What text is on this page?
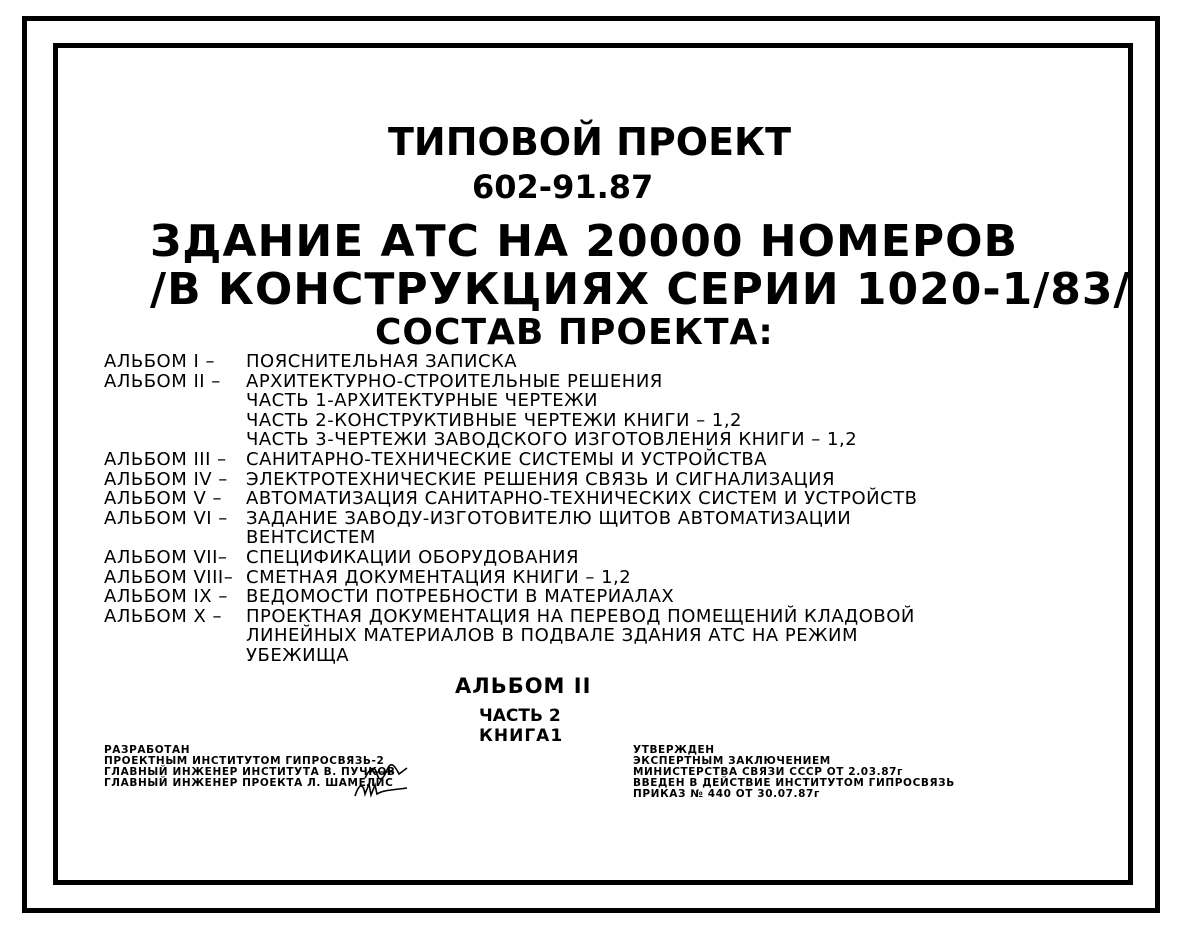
ТИПОВОЙ ПРОЕКТ
602-91.87
ЗДАНИЕ АТС НА 20000 НОМЕРОВ
/В КОНСТРУКЦИЯХ СЕРИИ 1020-1/83/
СОСТАВ ПРОЕКТА:
АЛЬБОМ I –	ПОЯСНИТЕЛЬНАЯ ЗАПИСКА
АЛЬБОМ II –	АРХИТЕКТУРНО-СТРОИТЕЛЬНЫЕ РЕШЕНИЯ
ЧАСТЬ 1-АРХИТЕКТУРНЫЕ ЧЕРТЕЖИ
ЧАСТЬ 2-КОНСТРУКТИВНЫЕ ЧЕРТЕЖИ КНИГИ – 1,2
ЧАСТЬ 3-ЧЕРТЕЖИ ЗАВОДСКОГО ИЗГОТОВЛЕНИЯ КНИГИ – 1,2
АЛЬБОМ III –	САНИТАРНО-ТЕХНИЧЕСКИЕ СИСТЕМЫ И УСТРОЙСТВА
АЛЬБОМ IV –	ЭЛЕКТРОТЕХНИЧЕСКИЕ РЕШЕНИЯ СВЯЗЬ И СИГНАЛИЗАЦИЯ
АЛЬБОМ V –	АВТОМАТИЗАЦИЯ САНИТАРНО-ТЕХНИЧЕСКИХ СИСТЕМ И УСТРОЙСТВ
АЛЬБОМ VI –	ЗАДАНИЕ ЗАВОДУ-ИЗГОТОВИТЕЛЮ ЩИТОВ АВТОМАТИЗАЦИИ
ВЕНТСИСТЕМ
АЛЬБОМ VII–	СПЕЦИФИКАЦИИ ОБОРУДОВАНИЯ
АЛЬБОМ VIII– СМЕТНАЯ ДОКУМЕНТАЦИЯ КНИГИ – 1,2
АЛЬБОМ IX –	ВЕДОМОСТИ ПОТРЕБНОСТИ В МАТЕРИАЛАХ
АЛЬБОМ X –	ПРОЕКТНАЯ ДОКУМЕНТАЦИЯ НА ПЕРЕВОД ПОМЕЩЕНИЙ КЛАДОВОЙ
ЛИНЕЙНЫХ МАТЕРИАЛОВ В ПОДВАЛЕ ЗДАНИЯ АТС НА РЕЖИМ
УБЕЖИЩА
АЛЬБОМ II
ЧАСТЬ 2
КНИГА1
РАЗРАБОТАН
ПРОЕКТНЫМ ИНСТИТУТОМ ГИПРОСВЯЗЬ-2
ГЛАВНЫЙ ИНЖЕНЕР ИНСТИТУТА В. ПУЧКОВ
ГЛАВНЫЙ ИНЖЕНЕР ПРОЕКТА Л. ШАМЕЛИС
УТВЕРЖДЕН
ЭКСПЕРТНЫМ ЗАКЛЮЧЕНИЕМ
МИНИСТЕРСТВА СВЯЗИ СССР ОТ 2.03.87г
ВВЕДЕН В ДЕЙСТВИЕ ИНСТИТУТОМ ГИПРОСВЯЗЬ
ПРИКАЗ № 440 ОТ 30.07.87г
